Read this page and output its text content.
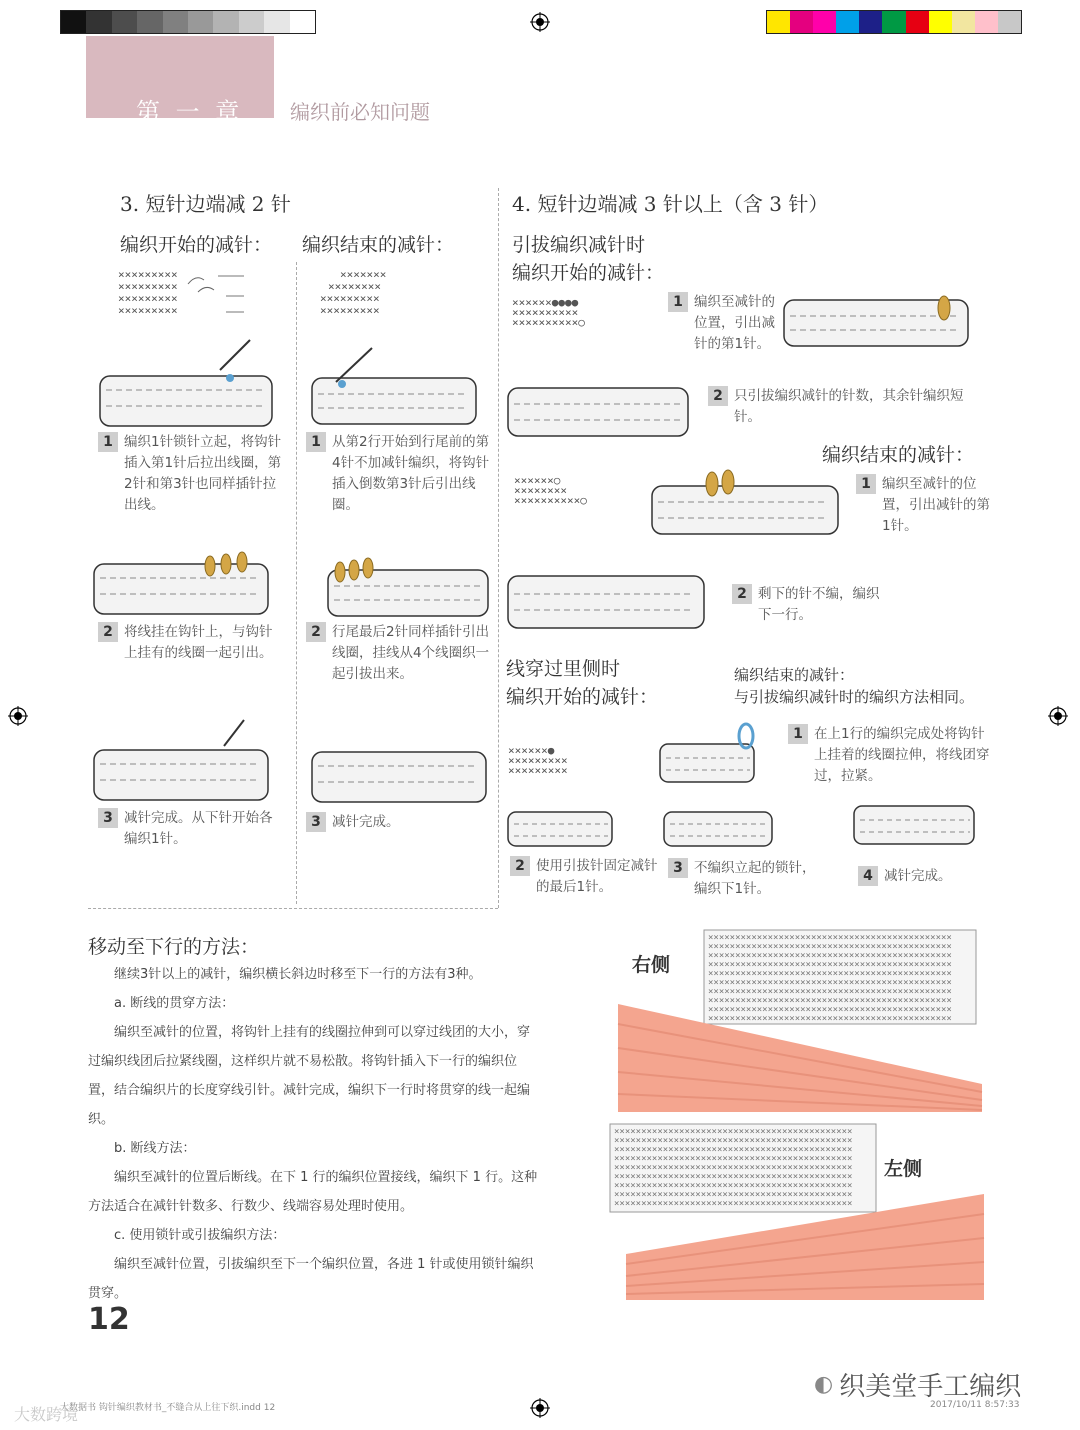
第 一 章 编织前必知问题
3. 短针边端减 2 针
编织开始的减针： 编织结束的减针：
×××××××××
×××××××××
×××××××××
×××××××××
×××××××
××××××××
×××××××××
×××××××××
1 编织1针锁针立起，将钩针插入第1针后拉出线圈，第2针和第3针也同样插针拉出线。
1 从第2行开始到行尾前的第4针不加减针编织，将钩针插入倒数第3针后引出线圈。
2 将线挂在钩针上，与钩针上挂有的线圈一起引出。
2 行尾最后2针同样插针引出线圈，挂线从4个线圈织一起引拔出来。
3 减针完成。从下针开始各编织1针。
3 减针完成。
4. 短针边端减 3 针以上（含 3 针）
引拔编织减针时
编织开始的减针：
××××××●●●●
××××××××××
××××××××××○
1 编织至减针的位置，引出减针的第1针。
2 只引拔编织减针的针数，其余针编织短针。
编织结束的减针：
××××××○
××××××××
××××××××××○
1 编织至减针的位置，引出减针的第1针。
2 剩下的针不编，编织下一行。
线穿过里侧时
编织开始的减针：
编织结束的减针：
与引拔编织减针时的编织方法相同。
××××××●
×××××××××
×××××××××
1 在上1行的编织完成处将钩针上挂着的线圈拉伸，将线团穿过，拉紧。
2 使用引拔针固定减针的最后1针。
3 不编织立起的锁针，编织下1针。
4 减针完成。
移动至下行的方法：
继续3针以上的减针，编织横长斜边时移至下一行的方法有3种。
a. 断线的贯穿方法：
编织至减针的位置，将钩针上挂有的线圈拉伸到可以穿过线团的大小，穿过编织线团后拉紧线圈，这样织片就不易松散。将钩针插入下一行的编织位置，结合编织片的长度穿线引针。减针完成，编织下一行时将贯穿的线一起编织。
b. 断线方法：
编织至减针的位置后断线。在下 1 行的编织位置接线，编织下 1 行。这种方法适合在减针针数多、行数少、线端容易处理时使用。
c. 使用锁针或引拔编织方法：
编织至减针位置，引拔编织至下一个编织位置，各进 1 针或使用锁针编织贯穿。
右侧
×××××××××××××××××××××××××××××××××××××××××××××
×××××××××××××××××××××××××××××××××××××××××××××
×××××××××××××××××××××××××××××××××××××××××××××
×××××××××××××××××××××××××××××××××××××××××××××
×××××××××××××××××××××××××××××××××××××××××××××
×××××××××××××××××××××××××××××××××××××××××××××
×××××××××××××××××××××××××××××××××××××××××××××
×××××××××××××××××××××××××××××××××××××××××××××
×××××××××××××××××××××××××××××××××××××××××××××
×××××××××××××××××××××××××××××××××××××××××××××
××××××××××××××××××××××××××××××××××××××××××××
××××××××××××××××××××××××××××××××××××××××××××
××××××××××××××××××××××××××××××××××××××××××××
××××××××××××××××××××××××××××××××××××××××××××
××××××××××××××××××××××××××××××××××××××××××××
××××××××××××××××××××××××××××××××××××××××××××
××××××××××××××××××××××××××××××××××××××××××××
××××××××××××××××××××××××××××××××××××××××××××
××××××××××××××××××××××××××××××××××××××××××××
左侧
12
◐ 织美堂手工编织
大数据书 钩针编织教材书_不缝合从上往下织.indd 12	2017/10/11 8:57:33
大数跨境
